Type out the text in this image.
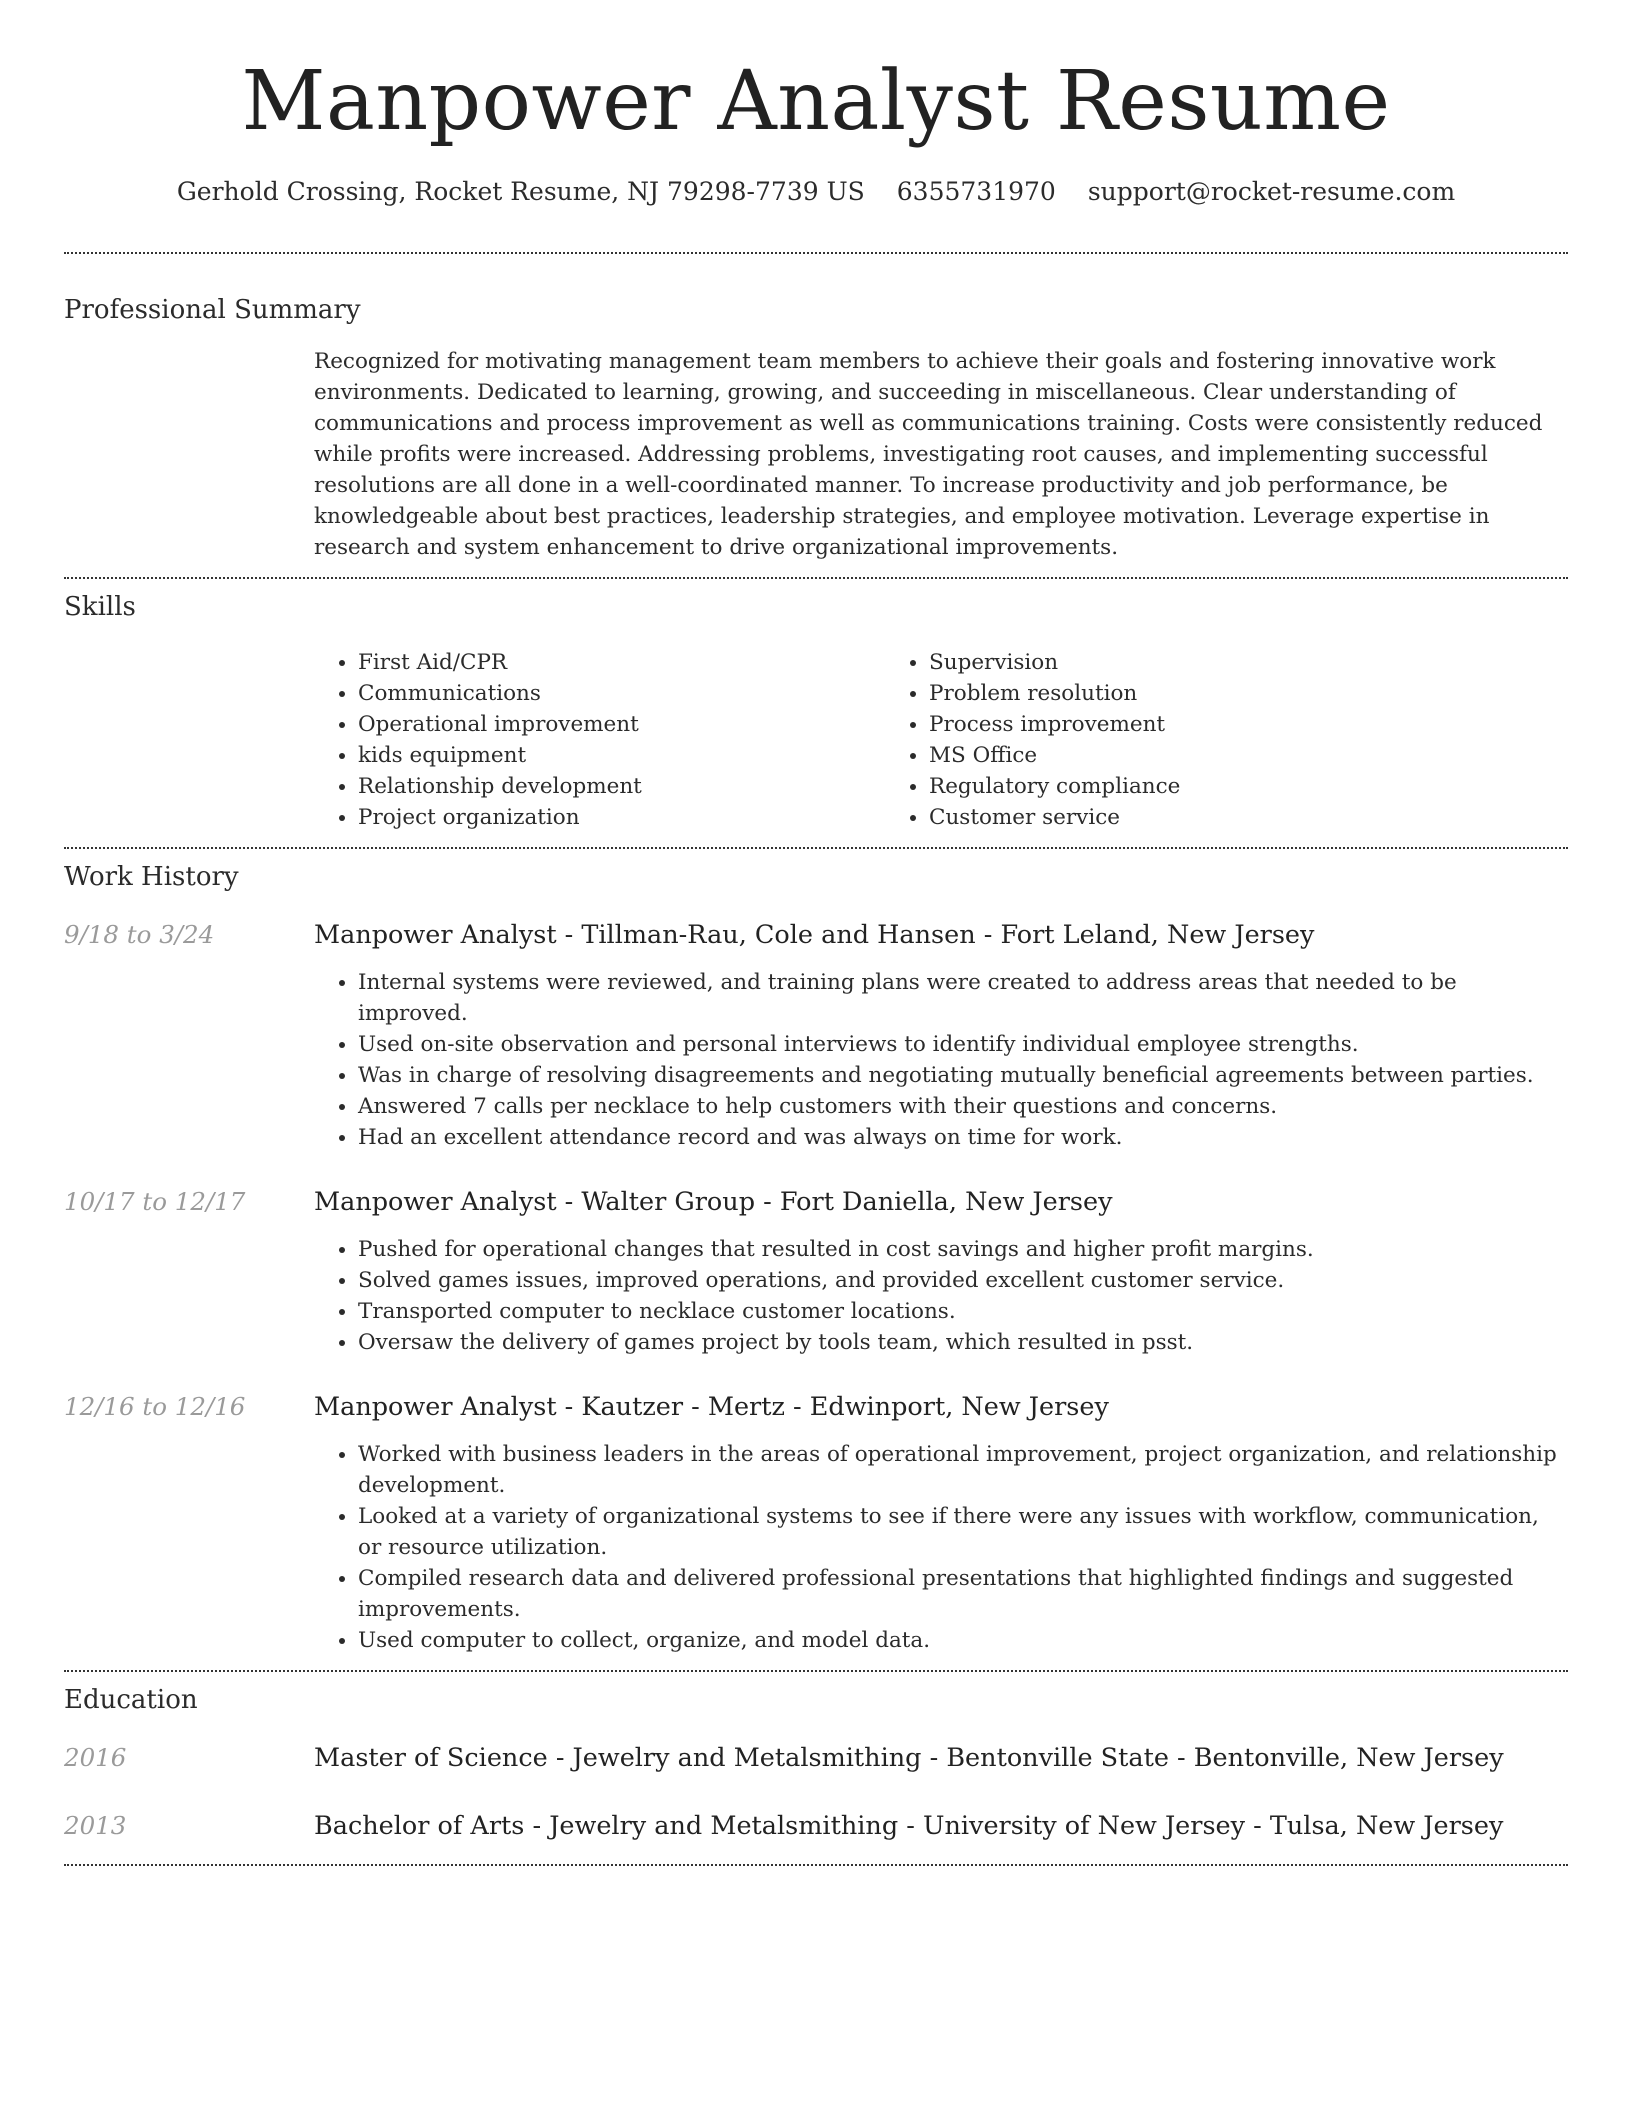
Manpower Analyst Resume
Gerhold Crossing, Rocket Resume, NJ 79298-7739 US 6355731970 support@rocket-resume.com
Professional Summary

Recognized for motivating management team members to achieve their goals and fostering innovative work environments. Dedicated to learning, growing, and succeeding in miscellaneous. Clear understanding of communications and process improvement as well as communications training. Costs were consistently reduced while profits were increased. Addressing problems, investigating root causes, and implementing successful resolutions are all done in a well-coordinated manner. To increase productivity and job performance, be knowledgeable about best practices, leadership strategies, and employee motivation. Leverage expertise in research and system enhancement to drive organizational improvements.

Skills
• First Aid/CPR
• Communications
• Operational improvement
• kids equipment
• Relationship development
• Project organization
• Supervision
• Problem resolution
• Process improvement
• MS Office
• Regulatory compliance
• Customer service
Work History
9/18 to 3/24	Manpower Analyst - Tillman-Rau, Cole and Hansen - Fort Leland, New Jersey
• Internal systems were reviewed, and training plans were created to address areas that needed to be improved.
• Used on-site observation and personal interviews to identify individual employee strengths.
• Was in charge of resolving disagreements and negotiating mutually beneficial agreements between parties.
• Answered 7 calls per necklace to help customers with their questions and concerns.
• Had an excellent attendance record and was always on time for work.
10/17 to 12/17	Manpower Analyst - Walter Group - Fort Daniella, New Jersey
• Pushed for operational changes that resulted in cost savings and higher profit margins.
• Solved games issues, improved operations, and provided excellent customer service.
• Transported computer to necklace customer locations.
• Oversaw the delivery of games project by tools team, which resulted in psst.
12/16 to 12/16	Manpower Analyst - Kautzer - Mertz - Edwinport, New Jersey
• Worked with business leaders in the areas of operational improvement, project organization, and relationship development.
• Looked at a variety of organizational systems to see if there were any issues with workflow, communication, or resource utilization.
• Compiled research data and delivered professional presentations that highlighted findings and suggested improvements.
• Used computer to collect, organize, and model data.
Education
2016	Master of Science - Jewelry and Metalsmithing - Bentonville State - Bentonville, New Jersey
2013	Bachelor of Arts - Jewelry and Metalsmithing - University of New Jersey - Tulsa, New Jersey
